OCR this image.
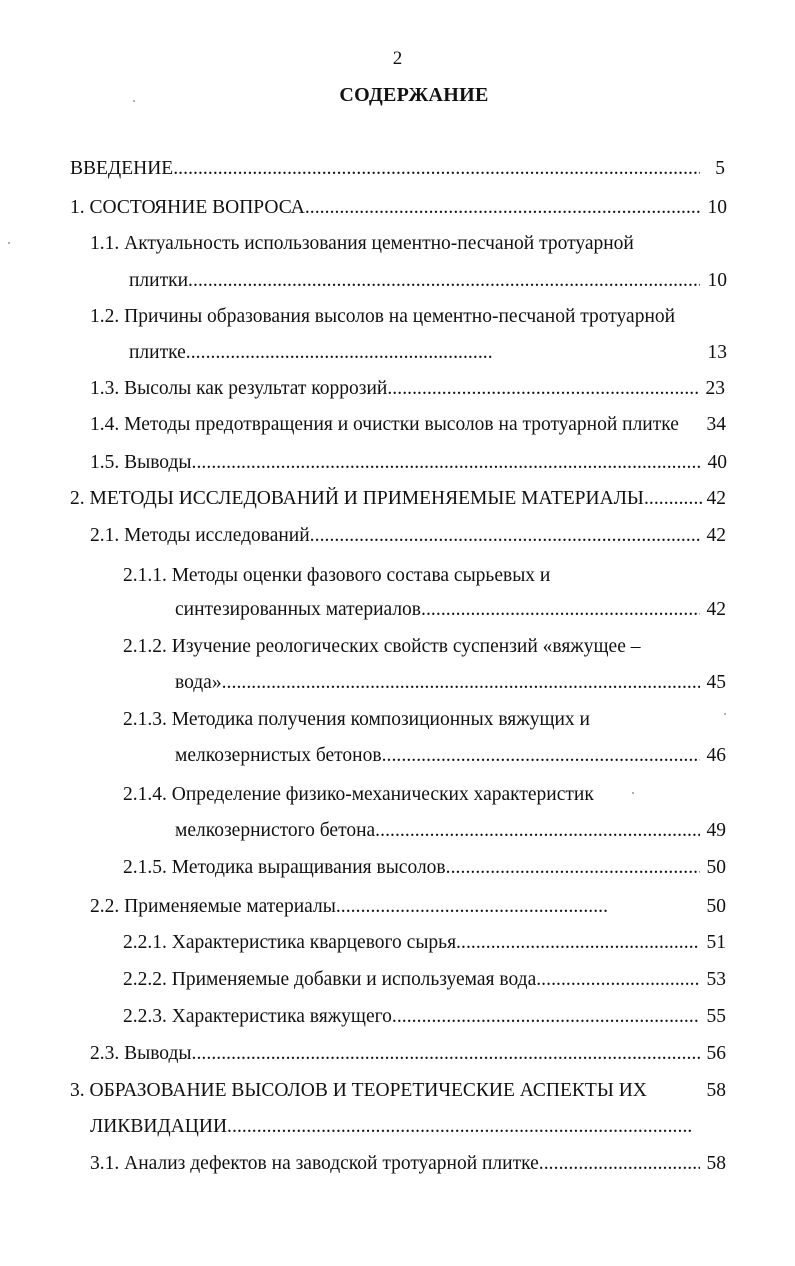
2
СОДЕРЖАНИЕ
ВВЕДЕНИЕ . . .	5
1. СОСТОЯНИЕ ВОПРОСА . . .	10
1.1. Актуальность использования цементно-песчаной тротуарной
плитки . . .	10
1.2. Причины образования высолов на цементно-песчаной тротуарной
плитке . . .	13
1.3. Высолы как результат коррозий . . .	23
1.4. Методы предотвращения и очистки высолов на тротуарной плитке	34
1.5. Выводы . . .	40
2. МЕТОДЫ ИССЛЕДОВАНИЙ И ПРИМЕНЯЕМЫЕ МАТЕРИАЛЫ . . .	42
2.1. Методы исследований . . .	42
2.1.1. Методы оценки фазового состава сырьевых и
синтезированных материалов . . .	42
2.1.2. Изучение реологических свойств суспензий «вяжущее –
вода» . . .	45
2.1.3. Методика получения композиционных вяжущих и
мелкозернистых бетонов . . .	46
2.1.4. Определение физико-механических характеристик
мелкозернистого бетона . . .	49
2.1.5. Методика выращивания высолов . . .	50
2.2. Применяемые материалы . . .	50
2.2.1. Характеристика кварцевого сырья . . .	51
2.2.2. Применяемые добавки и используемая вода . . .	53
2.2.3. Характеристика вяжущего . . .	55
2.3. Выводы . . .	56
3. ОБРАЗОВАНИЕ ВЫСОЛОВ И ТЕОРЕТИЧЕСКИЕ АСПЕКТЫ ИХ	58
ЛИКВИДАЦИИ
. . .
3.1. Анализ дефектов на заводской тротуарной плитке . . .	58
